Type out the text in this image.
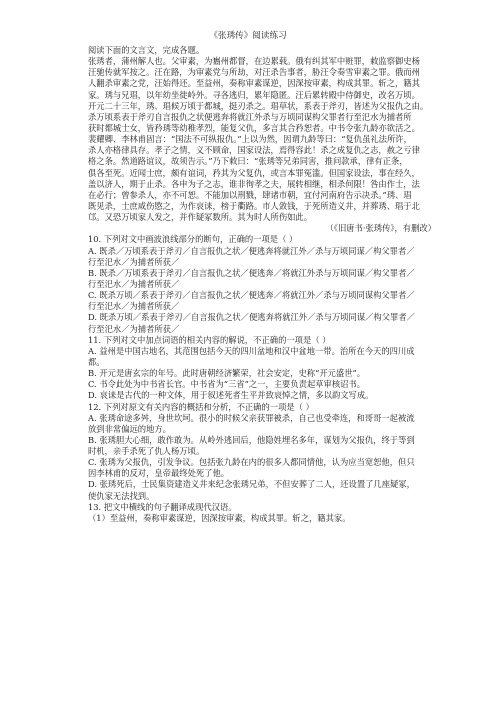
《张琇传》阅读练习
阅读下面的文言文，完成各题。
张琇者，蒲州解人也。父审素，为巂州都督，在边累载。俄有纠其军中赃罪，敕监察御史杨
汪驰传就军按之。汪在路，为审素党与所劫，对汪杀告事者，胁汪令奏雪审素之罪。俄而州
人翻杀审素之党，汪始得还。至益州，奏称审素谋逆，因深按审素，构成其罪。斩之，籍其
家。琇与兄琩，以年幼坐徙岭外。寻各逃归，累年隐匿。汪后累转殿中侍御史，改名万顷。
开元二十三年，琇、琩候万顷于都城，挺刃杀之。琩草状，系表于斧刃，皆述为父报仇之由。
杀万顷系表于斧刃自言报仇之状便逃奔将就江外杀与万顷同谋构父罪者行至汜水为捕者所
获时都城士女，皆矜琇等幼稚孝烈，能复父仇，多言其合矜恕者。中书令张九龄亦欲活之。
裴耀卿、李林甫固言：“国法不可纵报仇。”上以为然，因谓九龄等曰：“复仇虽礼法所许，
杀人亦格律具存。孝子之情，义不顾命，国家设法，焉得容此！杀之成复仇之志，赦之亏律
格之条。然道路谊议，故须告示。”乃下敕曰：“张琇等兄弟同害，推问款承，律有正条，
俱各至死。近闻士庶，颇有谊词，矜其为父复仇，或言本罪冤滥。但国家设法，事在经久，
盖以济人，期于止杀。各申为子之志，谁非徇孝之夫，展转相继，相杀何限！咎由作士，法
在必行；曾参杀人，亦不可恕。不能加以刑戮，肆诸市朝，宜付河南府告示决杀。”琇、琩
既见杀，士庶咸伤愍之，为作哀诔，榜于衢路。市人敛钱，于死所造义井，并葬琇、琩于北
邙。又恐万顷家人发之，并作疑冢数所。其为时人所伤如此。
（《旧唐书·张琇传》，有删改）
10. 下列对文中画波浪线部分的断句，正确的一项是（ ）
A. 既杀／万顷系表于斧刃／自言报仇之状／便逃奔将就江外／杀与万顷同谋／构父罪者／
行至汜水／为捕者所获／
B. 既杀／万顷系表于斧刃／自言报仇之状／便逃奔／将就江外杀与万顷同谋／构父罪者／
行至汜水／为捕者所获／
C. 既杀万顷／系表于斧刃／自言报仇之状／便逃奔／将就江外／杀与万顷同谋构父罪者／
行至汜水／为捕者所获／
D. 既杀万顷／系表于斧刃／自言报仇之状／便逃奔将就江外／杀与万顷同谋／构父罪者／
行至汜水／为捕者所获／
11. 下列对文中加点词语的相关内容的解说，不正确的一项是（ ）
A. 益州是中国古地名，其范围包括今天的四川盆地和汉中盆地一带。治所在今天的四川成
都。
B. 开元是唐玄宗的年号。此时唐朝经济繁荣，社会安定，史称“开元盛世”。
C. 书令此处为中书省长官。中书省为“三省”之一，主要负责起草审核诏书。
D. 哀诔是古代的一种文体，用于叙述死者生平并致哀悼之情，多以韵文写成。
12. 下列对原文有关内容的概括和分析，不正确的一项是（ ）
A. 张琇命途多舛，身世坎坷。很小的时候父亲获罪被杀，自己也受牵连，和哥哥一起被流
放到非常偏远的地方。
B. 张琇胆大心细，敢作敢为。从岭外逃回后，他隐姓埋名多年，谋划为父报仇，终于等到
时机，亲手杀死了仇人杨万顷。
C. 张琇为父报仇，引发争议。包括张九龄在内的很多人都同情他，认为应当宽恕他，但只
因李林甫的反对，皇帝最终处死了他。
D. 张琇死后，士民集资建造义井来纪念张琇兄弟，不但安葬了二人，还设置了几座疑冢，
使仇家无法找到。
13. 把文中横线的句子翻译成现代汉语。
（1）至益州，奏称审素谋逆，因深按审素，构成其罪。斩之，籍其家。
